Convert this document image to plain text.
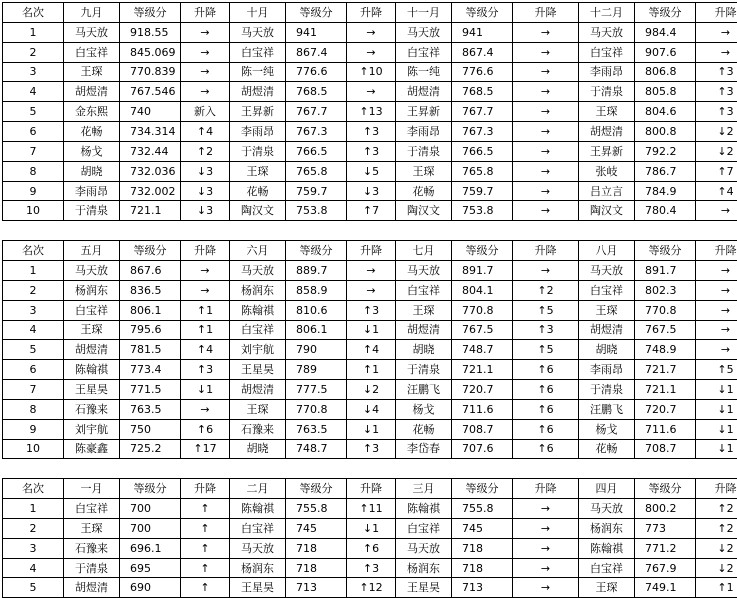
名次	九月	等级分	升降	十月	等级分	升降	十一月	等级分	升降	十二月	等级分	升降
1	马天放	918.55	→	马天放	941	→	马天放	941	→	马天放	984.4	→
2	白宝祥	845.069	→	白宝祥	867.4	→	白宝祥	867.4	→	白宝祥	907.6	→
3	王琛	770.839	→	陈一纯	776.6	↑10	陈一纯	776.6	→	李雨昂	806.8	↑3
4	胡煜清	767.546	→	胡煜清	768.5	→	胡煜清	768.5	→	于清泉	805.8	↑3
5	金东熙	740	新入	王昇新	767.7	↑13	王昇新	767.7	→	王琛	804.6	↑3
6	花畅	734.314	↑4	李雨昂	767.3	↑3	李雨昂	767.3	→	胡煜清	800.8	↓2
7	杨戈	732.44	↑2	于清泉	766.5	↑3	于清泉	766.5	→	王昇新	792.2	↓2
8	胡晓	732.036	↓3	王琛	765.8	↓5	王琛	765.8	→	张岐	786.7	↑7
9	李雨昂	732.002	↓3	花畅	759.7	↓3	花畅	759.7	→	吕立言	784.9	↑4
10	于清泉	721.1	↓3	陶汉文	753.8	↑7	陶汉文	753.8	→	陶汉文	780.4	→

名次	五月	等级分	升降	六月	等级分	升降	七月	等级分	升降	八月	等级分	升降
1	马天放	867.6	→	马天放	889.7	→	马天放	891.7	→	马天放	891.7	→
2	杨润东	836.5	→	杨润东	858.9	→	白宝祥	804.1	↑2	白宝祥	802.3	→
3	白宝祥	806.1	↑1	陈翰祺	810.6	↑3	王琛	770.8	↑5	王琛	770.8	→
4	王琛	795.6	↑1	白宝祥	806.1	↓1	胡煜清	767.5	↑3	胡煜清	767.5	→
5	胡煜清	781.5	↑4	刘宇航	790	↑4	胡晓	748.7	↑5	胡晓	748.9	→
6	陈翰祺	773.4	↑3	王星昊	789	↑1	于清泉	721.1	↑6	李雨昂	721.7	↑5
7	王星昊	771.5	↓1	胡煜清	777.5	↓2	汪鹏飞	720.7	↑6	于清泉	721.1	↓1
8	石豫来	763.5	→	王琛	770.8	↓4	杨戈	711.6	↑6	汪鹏飞	720.7	↓1
9	刘宇航	750	↑6	石豫来	763.5	↓1	花畅	708.7	↑6	杨戈	711.6	↓1
10	陈豪鑫	725.2	↑17	胡晓	748.7	↑3	李岱春	707.6	↑6	花畅	708.7	↓1

名次	一月	等级分	升降	二月	等级分	升降	三月	等级分	升降	四月	等级分	升降
1	白宝祥	700	↑	陈翰祺	755.8	↑11	陈翰祺	755.8	→	马天放	800.2	↑2
2	王琛	700	↑	白宝祥	745	↓1	白宝祥	745	→	杨润东	773	↑2
3	石豫来	696.1	↑	马天放	718	↑6	马天放	718	→	陈翰祺	771.2	↓2
4	于清泉	695	↑	杨润东	718	↑3	杨润东	718	→	白宝祥	767.9	↓2
5	胡煜清	690	↑	王星昊	713	↑12	王星昊	713	→	王琛	749.1	↑1
